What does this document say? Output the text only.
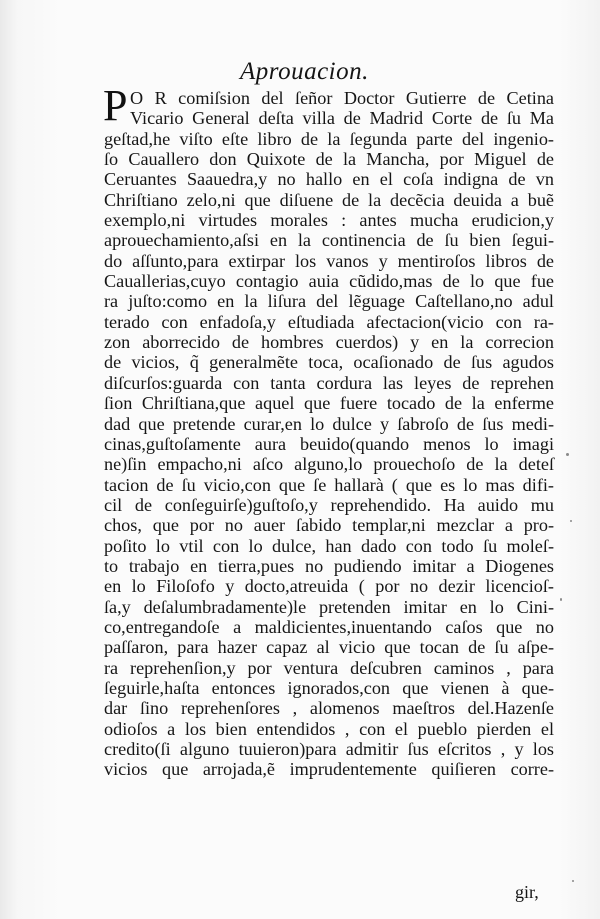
Aprouacion.
P O R comiſsion del ſeñor Doctor Gutierre de Cetina
Vicario General deſta villa de Madrid Corte de ſu Ma
geſtad,he viſto eſte libro de la ſegunda parte del ingenio-
ſo Cauallero don Quixote de la Mancha, por Miguel de
Ceruantes Saauedra,y no hallo en el coſa indigna de vn
Chriſtiano zelo,ni que diſuene de la decẽcia deuida a buẽ
exemplo,ni virtudes morales : antes mucha erudicion,y
aprouechamiento,aſsi en la continencia de ſu bien ſegui-
do aſſunto,para extirpar los vanos y mentiroſos libros de
Cauallerias,cuyo contagio auia cũdido,mas de lo que fue
ra juſto:como en la liſura del lẽguage Caſtellano,no adul
terado con enfadoſa,y eſtudiada afectacion(vicio con ra-
zon aborrecido de hombres cuerdos) y en la correcion
de vicios, q̃ generalmẽte toca, ocaſionado de ſus agudos
diſcurſos:guarda con tanta cordura las leyes de reprehen
ſion Chriſtiana,que aquel que fuere tocado de la enferme
dad que pretende curar,en lo dulce y ſabroſo de ſus medi-
cinas,guſtoſamente aura beuido(quando menos lo imagi
ne)ſin empacho,ni aſco alguno,lo prouechoſo de la deteſ
tacion de ſu vicio,con que ſe hallarà ( que es lo mas difi-
cil de conſeguirſe)guſtoſo,y reprehendido. Ha auido mu
chos, que por no auer ſabido templar,ni mezclar a pro-
poſito lo vtil con lo dulce, han dado con todo ſu moleſ-
to trabajo en tierra,pues no pudiendo imitar a Diogenes
en lo Filoſofo y docto,atreuida ( por no dezir licencioſ-
ſa,y deſalumbradamente)le pretenden imitar en lo Cini-
co,entregandoſe a maldicientes,inuentando caſos que no
paſſaron, para hazer capaz al vicio que tocan de ſu aſpe-
ra reprehenſion,y por ventura deſcubren caminos , para
ſeguirle,haſta entonces ignorados,con que vienen à que-
dar ſino reprehenſores , alomenos maeſtros del.Hazenſe
odioſos a los bien entendidos , con el pueblo pierden el
credito(ſi alguno tuuieron)para admitir ſus eſcritos , y los
vicios que arrojada,ẽ imprudentemente quiſieren corre-
gir,
